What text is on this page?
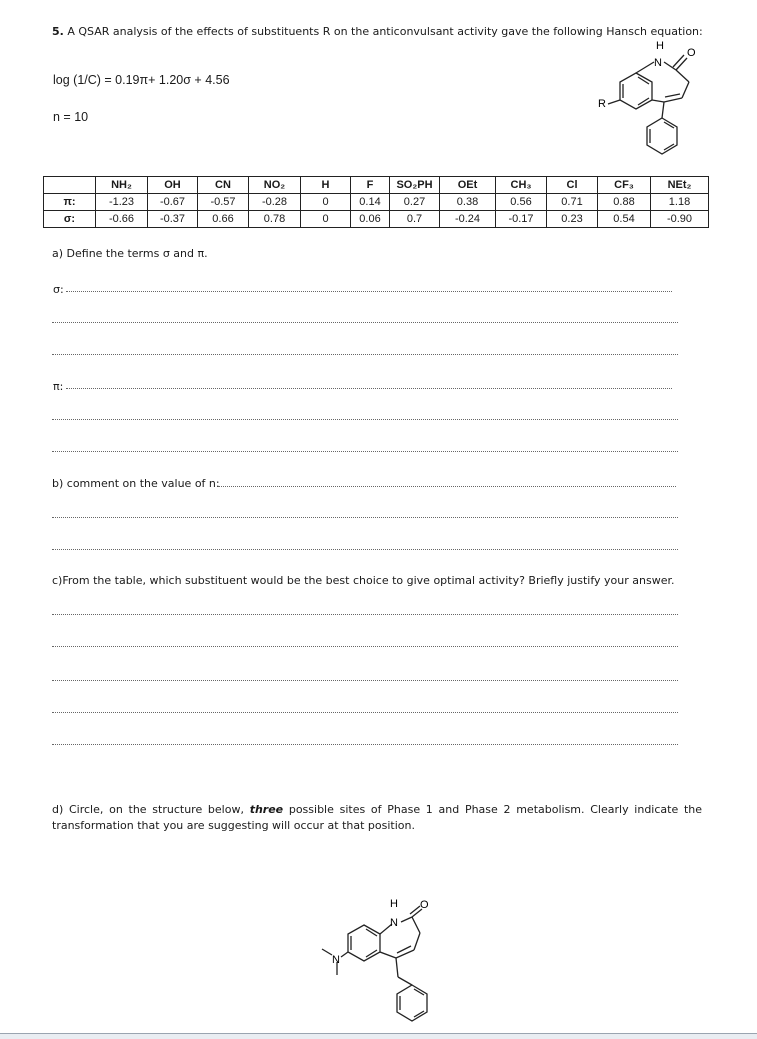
5. A QSAR analysis of the effects of substituents R on the anticonvulsant activity gave the following Hansch equation:
log (1/C) = 0.19π+ 1.20σ + 4.56
n = 10
H
N
O
R
	NH₂	OH	CN	NO₂	H	F	SO₂PH	OEt	CH₃	Cl	CF₃	NEt₂
π:	-1.23	-0.67	-0.57	-0.28	0	0.14	0.27	0.38	0.56	0.71	0.88	1.18
σ:	-0.66	-0.37	0.66	0.78	0	0.06	0.7	-0.24	-0.17	0.23	0.54	-0.90
a) Define the terms σ and π.
σ:
π:
b) comment on the value of n:
c)From the table, which substituent would be the best choice to give optimal activity? Briefly justify your answer.
d) Circle, on the structure below, three possible sites of Phase 1 and Phase 2 metabolism. Clearly indicate the transformation that you are suggesting will occur at that position.
H
N
O
N
